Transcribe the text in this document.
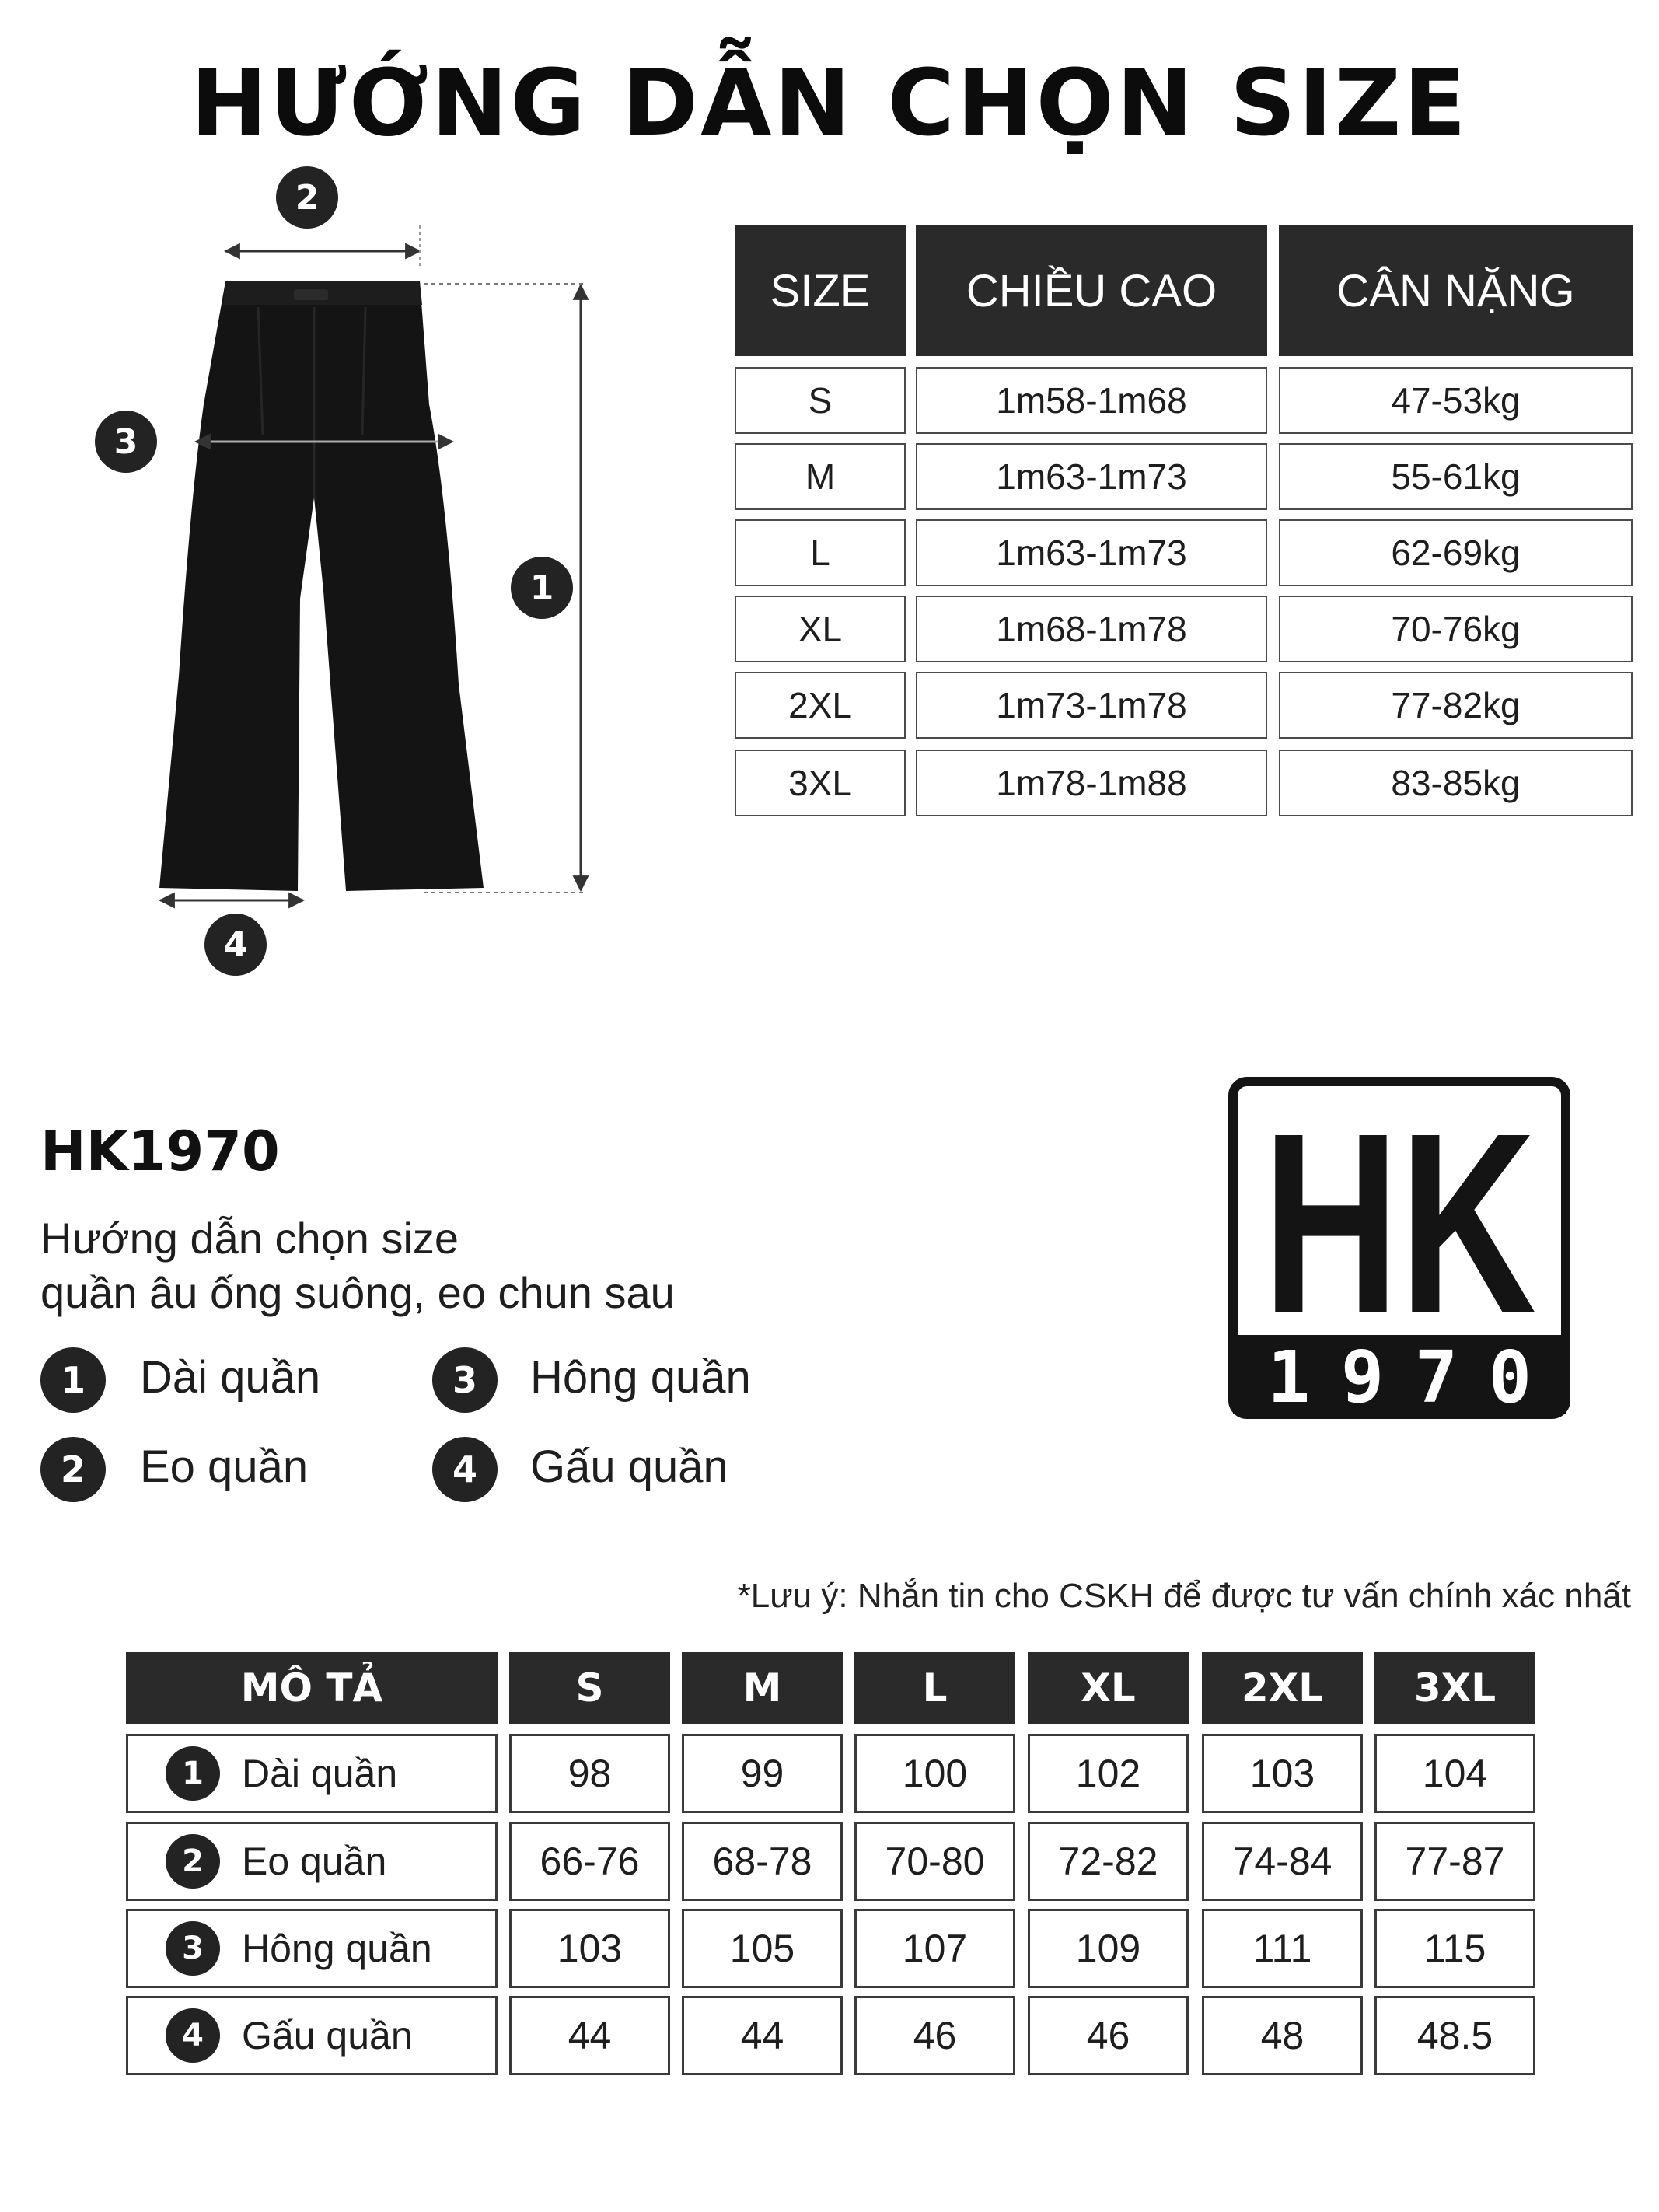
HƯỚNG DẪN CHỌN SIZE
2
3
1
4
SIZE	CHIỀU CAO	CÂN NẶNG
S	1m58-1m68	47-53kg
M	1m63-1m73	55-61kg
L	1m63-1m73	62-69kg
XL	1m68-1m78	70-76kg
2XL	1m73-1m78	77-82kg
3XL	1m78-1m88	83-85kg
HK1970
Hướng dẫn chọn size
quần âu ống suông, eo chun sau
1	Dài quần	3	Hông quần
2	Eo quần	4	Gấu quần
HK
1970
*Lưu ý: Nhắn tin cho CSKH để được tư vấn chính xác nhất
MÔ TẢ	S	M	L	XL	2XL	3XL
1 Dài quần	98	99	100	102	103	104
2 Eo quần	66-76	68-78	70-80	72-82	74-84	77-87
3 Hông quần	103	105	107	109	111	115
4 Gấu quần	44	44	46	46	48	48.5
